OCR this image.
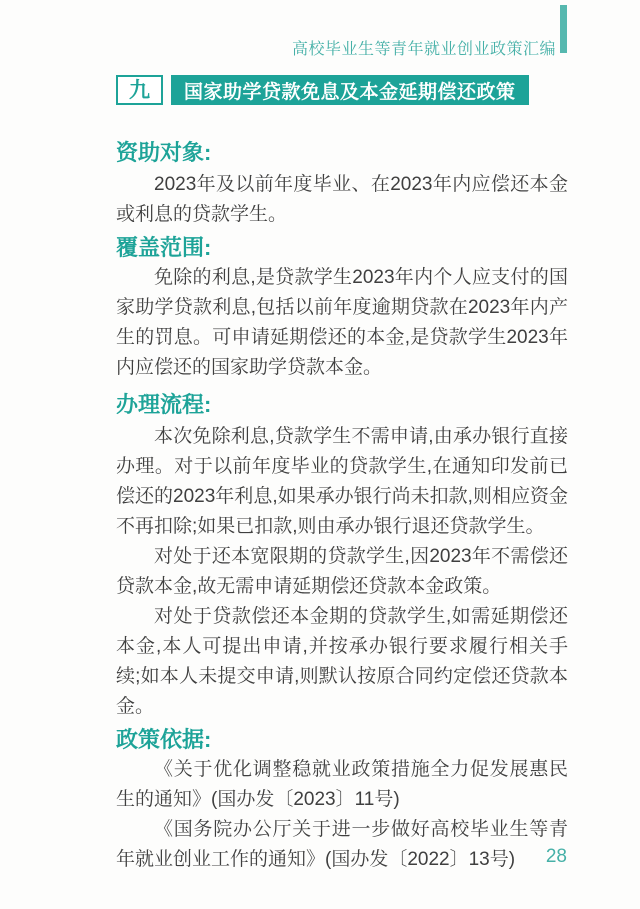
高校毕业生等青年就业创业政策汇编
九	国家助学贷款免息及本金延期偿还政策
资助对象:

2023年及以前年度毕业、在2023年内应偿还本金或利息的贷款学生。

覆盖范围:

免除的利息,是贷款学生2023年内个人应支付的国家助学贷款利息,包括以前年度逾期贷款在2023年内产生的罚息。可申请延期偿还的本金,是贷款学生2023年内应偿还的国家助学贷款本金。

办理流程:

本次免除利息,贷款学生不需申请,由承办银行直接办理。对于以前年度毕业的贷款学生,在通知印发前已偿还的2023年利息,如果承办银行尚未扣款,则相应资金不再扣除;如果已扣款,则由承办银行退还贷款学生。

对处于还本宽限期的贷款学生,因2023年不需偿还贷款本金,故无需申请延期偿还贷款本金政策。

对处于贷款偿还本金期的贷款学生,如需延期偿还本金,本人可提出申请,并按承办银行要求履行相关手续;如本人未提交申请,则默认按原合同约定偿还贷款本金。

政策依据:

《关于优化调整稳就业政策措施全力促发展惠民生的通知》(国办发〔2023〕11号)

《国务院办公厅关于进一步做好高校毕业生等青年就业创业工作的通知》(国办发〔2022〕13号)	28
